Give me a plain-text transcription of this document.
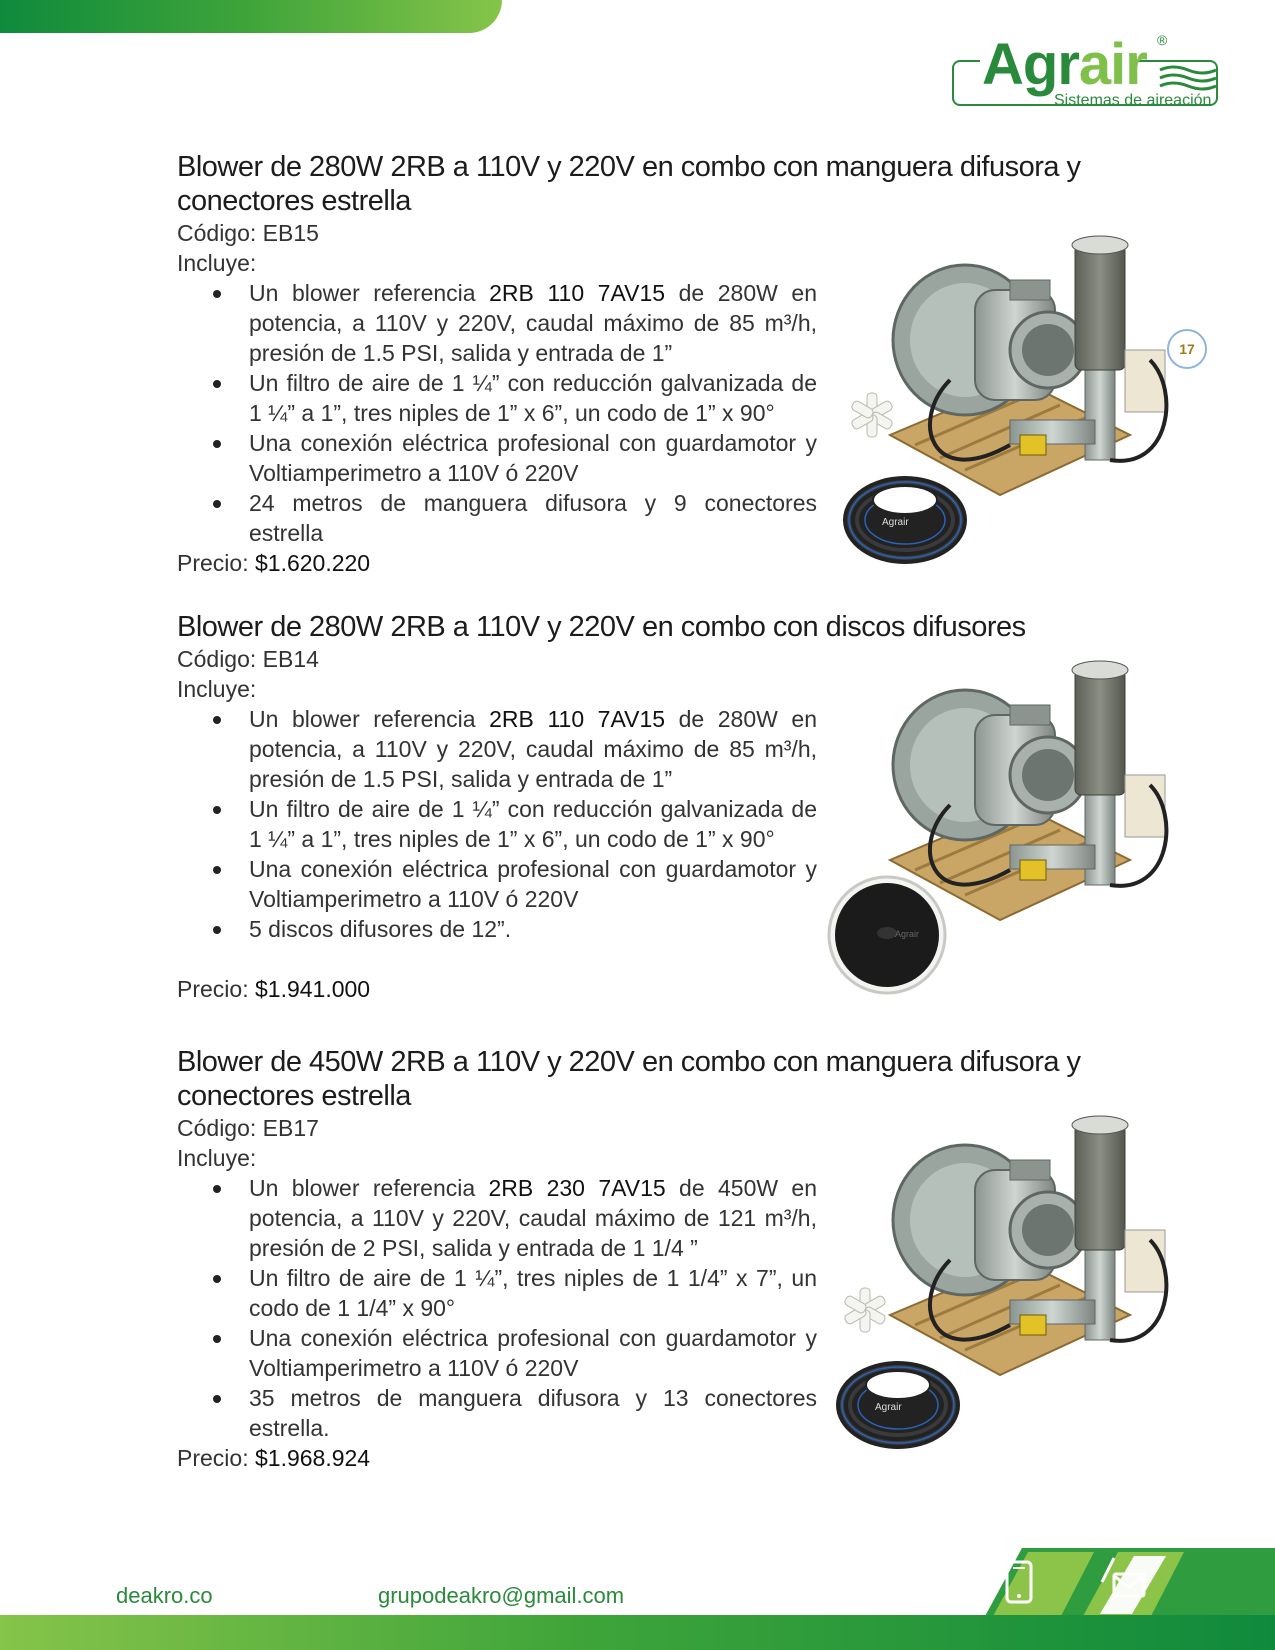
Agrair ®
Sistemas de aireación
17
Blower de 280W 2RB a 110V y 220V en combo con manguera difusora y conectores estrella
Código: EB15
Incluye:
Un blower referencia 2RB 110 7AV15 de 280W en potencia, a 110V y 220V, caudal máximo de 85 m³/h, presión de 1.5 PSI, salida y entrada de 1”
Un filtro de aire de 1 ¼” con reducción galvanizada de 1 ¼” a 1”, tres niples de 1” x 6”, un codo de 1” x 90°
Una conexión eléctrica profesional con guardamotor y Voltiamperimetro a 110V ó 220V
24 metros de manguera difusora y 9 conectores estrella
Precio: $1.620.220
Agrair
Blower de 280W 2RB a 110V y 220V en combo con discos difusores
Código: EB14
Incluye:
Un blower referencia 2RB 110 7AV15 de 280W en potencia, a 110V y 220V, caudal máximo de 85 m³/h, presión de 1.5 PSI, salida y entrada de 1”
Un filtro de aire de 1 ¼” con reducción galvanizada de 1 ¼” a 1”, tres niples de 1” x 6”, un codo de 1” x 90°
Una conexión eléctrica profesional con guardamotor y Voltiamperimetro a 110V ó 220V
5 discos difusores de 12”.
Precio: $1.941.000
Agrair
Blower de 450W 2RB a 110V y 220V en combo con manguera difusora y conectores estrella
Código: EB17
Incluye:
Un blower referencia 2RB 230 7AV15 de 450W en potencia, a 110V y 220V, caudal máximo de 121 m³/h, presión de 2 PSI, salida y entrada de 1 1/4 ”
Un filtro de aire de 1 ¼”, tres niples de 1 1/4” x 7”, un codo de 1 1/4” x 90°
Una conexión eléctrica profesional con guardamotor y Voltiamperimetro a 110V ó 220V
35 metros de manguera difusora y 13 conectores estrella.
Precio: $1.968.924
Agrair
deakro.co	grupodeakro@gmail.com
